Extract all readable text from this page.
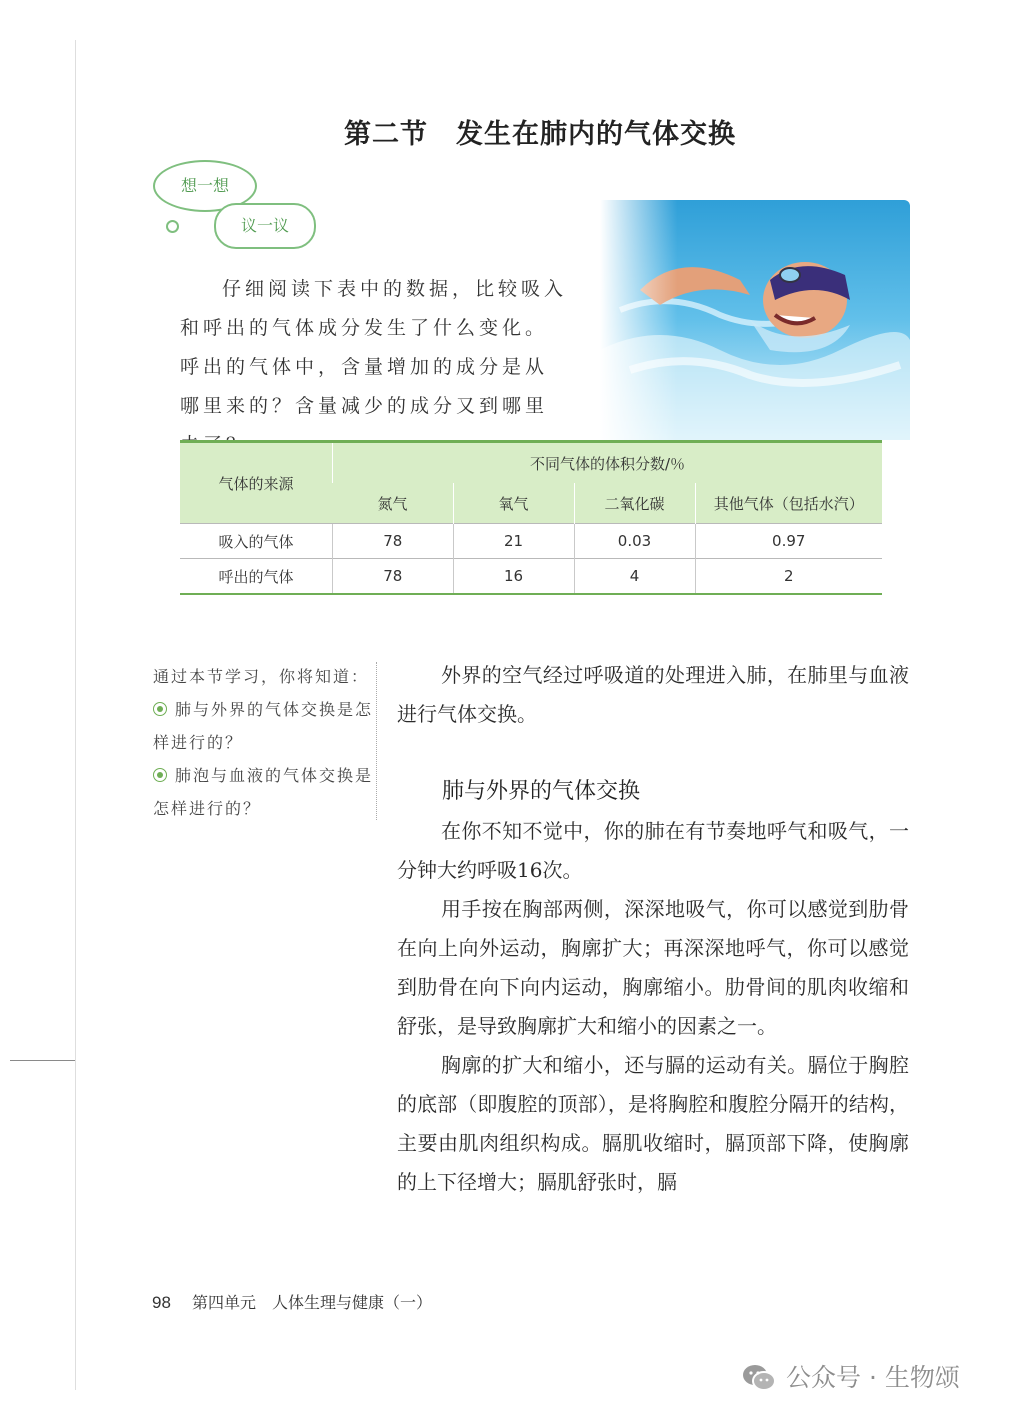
第二节　发生在肺内的气体交换
想一想
议一议
仔细阅读下表中的数据，比较吸入和呼出的气体成分发生了什么变化。呼出的气体中，含量增加的成分是从哪里来的？含量减少的成分又到哪里
气体的来源	不同气体的体积分数/％			
	氮气	氧气	二氧化碳	其他气体（包括水汽）
吸入的气体	78	21	0.03	0.97
呼出的气体	78	16	4	2
通过本节学习，你将知道：
肺与外界的气体交换是怎样进行的？
肺泡与血液的气体交换是怎样进行的？

外界的空气经过呼吸道的处理进入肺，在肺里与血液进行气体交换。

肺与外界的气体交换

在你不知不觉中，你的肺在有节奏地呼气和吸气，一分钟大约呼吸16次。

用手按在胸部两侧，深深地吸气，你可以感觉到肋骨在向上向外运动，胸廓扩大；再深深地呼气，你可以感觉到肋骨在向下向内运动，胸廓缩小。肋骨间的肌肉收缩和舒张，是导致胸廓扩大和缩小的因素之一。

胸廓的扩大和缩小，还与膈的运动有关。膈位于胸腔的底部（即腹腔的顶部），是将胸腔和腹腔分隔开的结构，主要由肌肉组织构成。膈肌收缩时，膈顶部下降，使胸廓的上下径增大；膈肌舒张时，膈

98 第四单元　人体生理与健康（一）
公众号 · 生物颂
